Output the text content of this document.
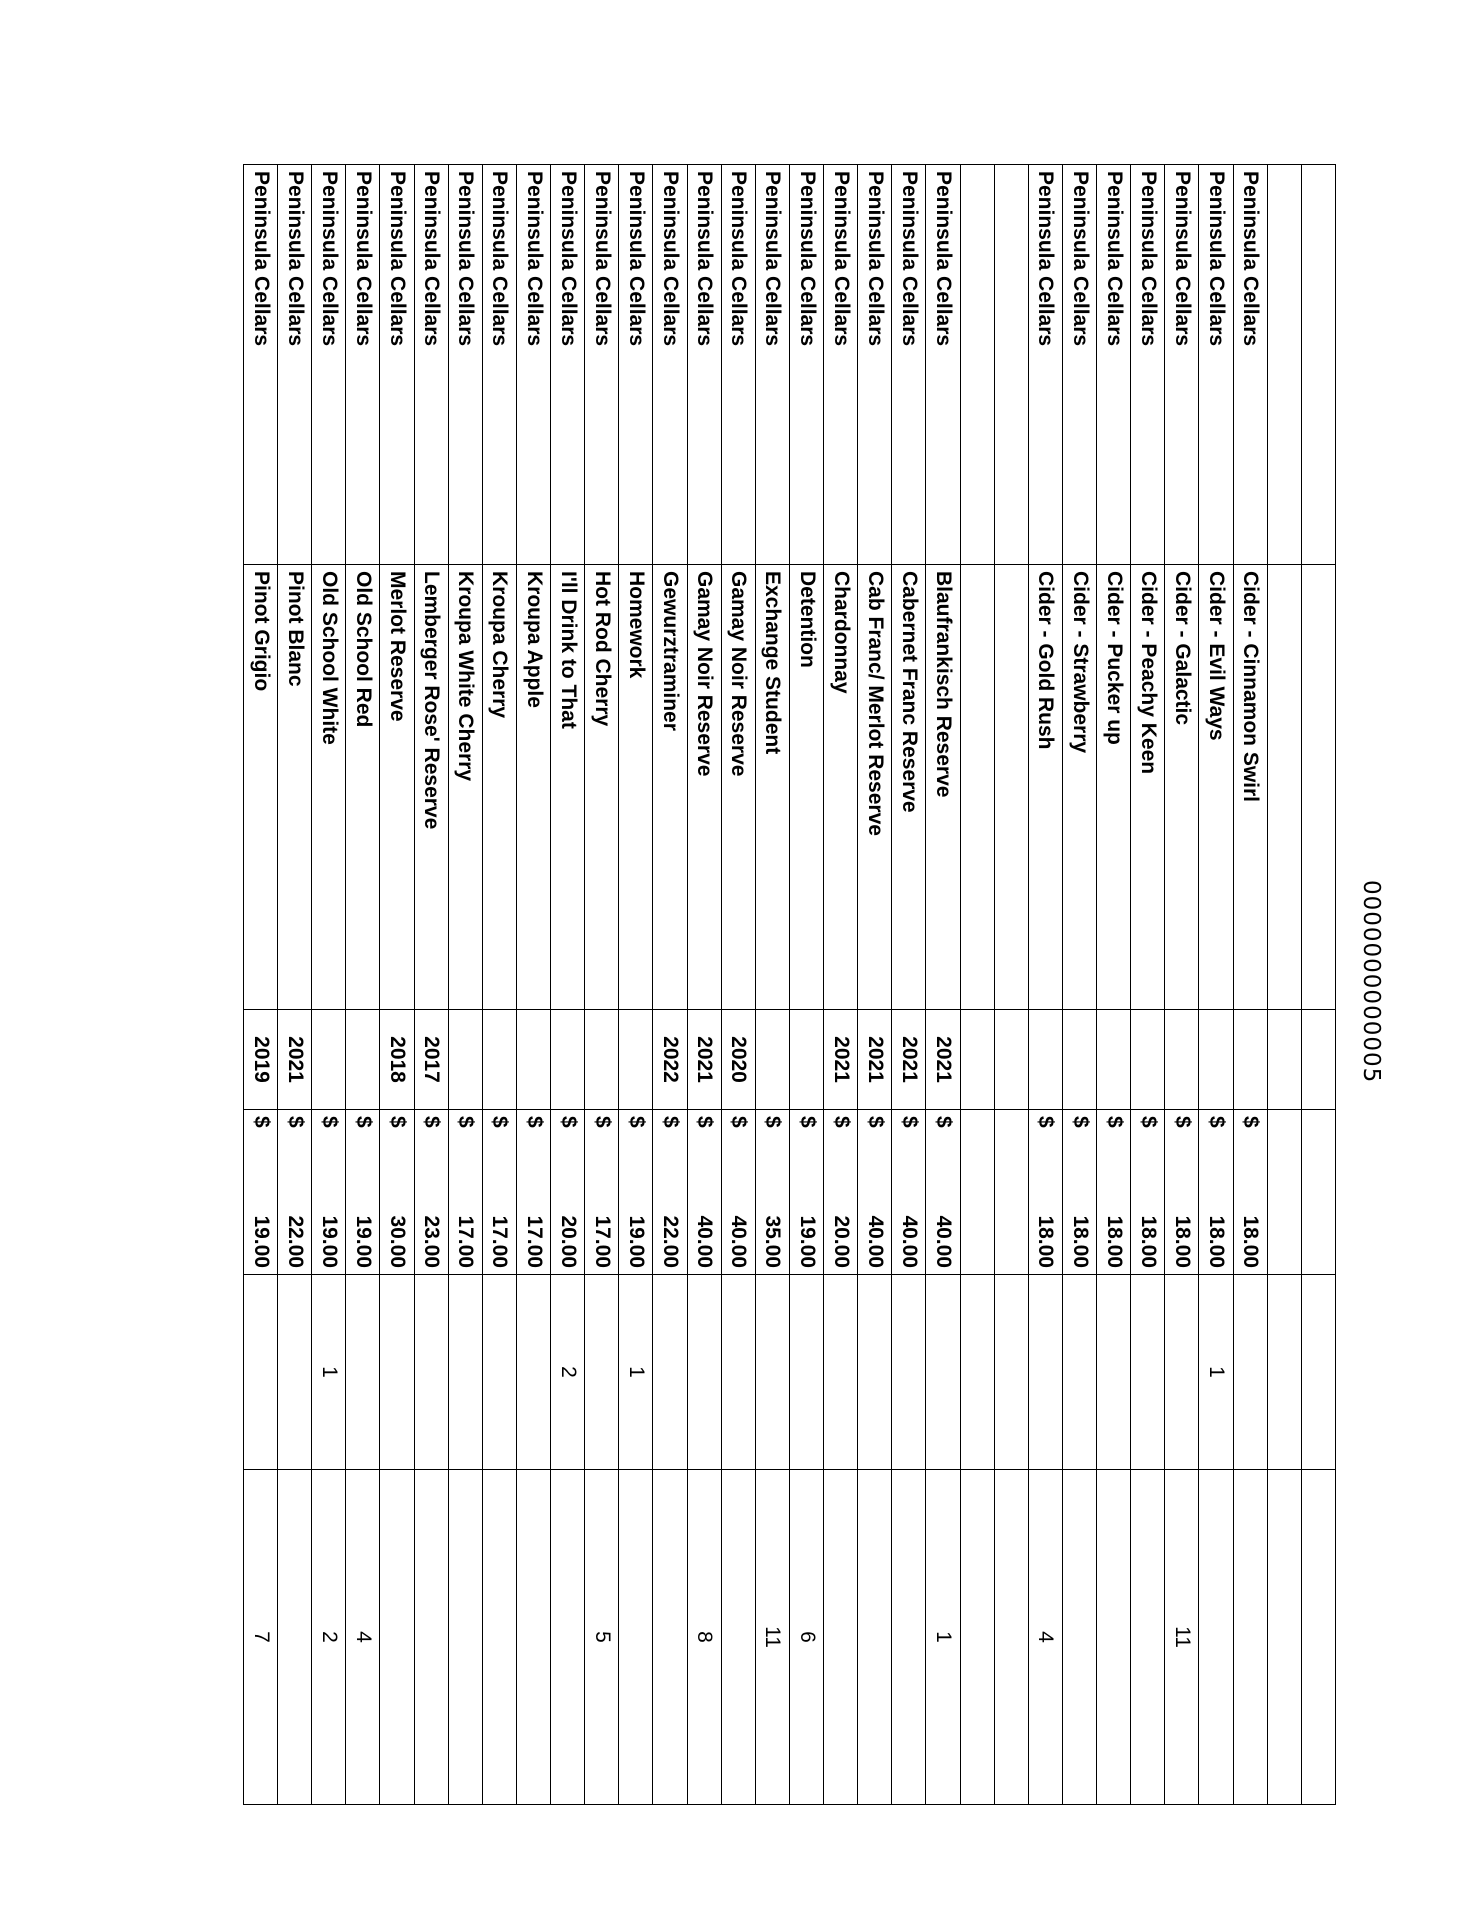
Peninsula Cellars	Cider - Cinnamon Swirl		$	18.00			
Peninsula Cellars	Cider - Evil Ways		$	18.00	1		
Peninsula Cellars	Cider - Galactic		$	18.00		11	
Peninsula Cellars	Cider - Peachy Keen		$	18.00			
Peninsula Cellars	Cider - Pucker up		$	18.00			
Peninsula Cellars	Cider - Strawberry		$	18.00			
Peninsula Cellars	Cider - Gold Rush		$	18.00		4	

Peninsula Cellars	Blaufrankisch Reserve	2021	$	40.00		1	
Peninsula Cellars	Cabernet Franc Reserve	2021	$	40.00			
Peninsula Cellars	Cab Franc/ Merlot Reserve	2021	$	40.00			
Peninsula Cellars	Chardonnay	2021	$	20.00			
Peninsula Cellars	Detention		$	19.00		6	
Peninsula Cellars	Exchange Student		$	35.00		11	
Peninsula Cellars	Gamay Noir Reserve	2020	$	40.00			
Peninsula Cellars	Gamay Noir Reserve	2021	$	40.00		8	
Peninsula Cellars	Gewurztraminer	2022	$	22.00			
Peninsula Cellars	Homework		$	19.00	1		
Peninsula Cellars	Hot Rod Cherry		$	17.00		5	
Peninsula Cellars	I'll Drink to That		$	20.00	2		
Peninsula Cellars	Kroupa Apple		$	17.00			
Peninsula Cellars	Kroupa Cherry		$	17.00			
Peninsula Cellars	Kroupa White Cherry		$	17.00			
Peninsula Cellars	Lemberger Rose' Reserve	2017	$	23.00			
Peninsula Cellars	Merlot Reserve	2018	$	30.00			
Peninsula Cellars	Old School Red		$	19.00		4	
Peninsula Cellars	Old School White		$	19.00	1	2	
Peninsula Cellars	Pinot Blanc	2021	$	22.00			
Peninsula Cellars	Pinot Grigio	2019	$	19.00		7	
0000000000005
